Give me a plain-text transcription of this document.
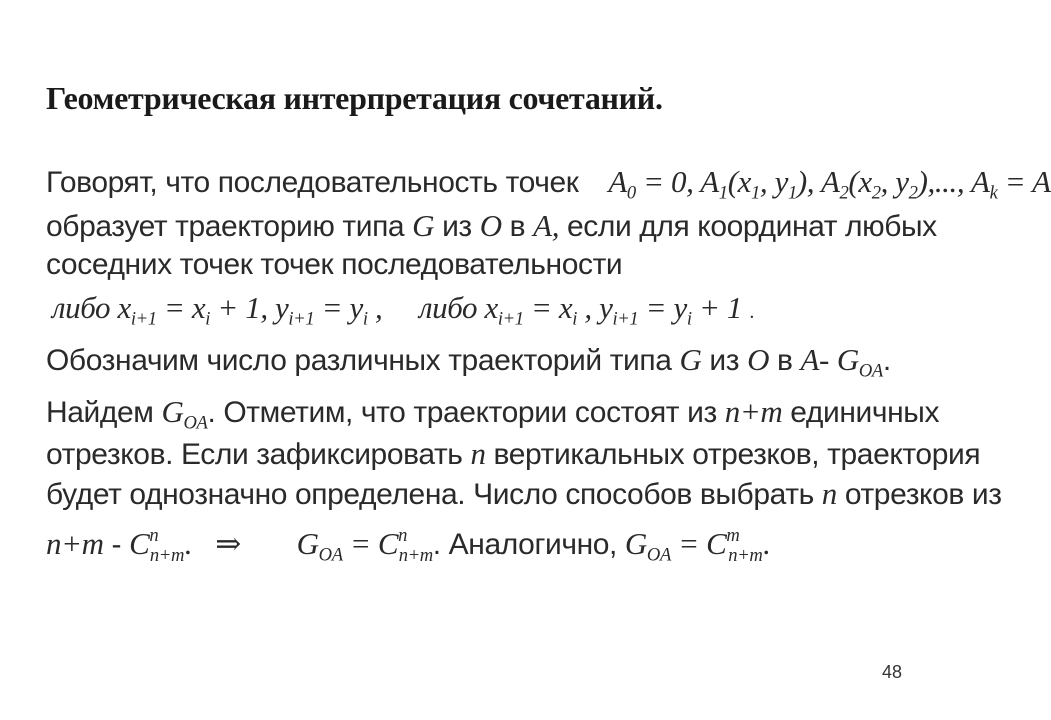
Геометрическая интерпретация сочетаний.
Говорят, что последовательность точек $A_0 = 0$, $A_1(x_1$, $y_1$), $A_2(x_2$, $y_2$),..., $A_k = A$
образует траекторию типа G из O в A, если для координат любых
соседних точек точек последовательности
либо $x_{i+1} = x_i + 1$, $y_{i+1} = y_i$ ,  либо $x_{i+1} = x_i$ , $y_{i+1} = y_i + 1$ .
Обозначим число различных траекторий типа G из O в A- $G_{OA}$.
Найдем $G_{OA}$. Отметим, что траектории состоят из n+m единичных
отрезков. Если зафиксировать n вертикальных отрезков, траектория
будет однозначно определена. Число способов выбрать n отрезков из
$n+m - C^n_{n+m}$. ⇒ $G_{OA} = C^n_{n+m}$. Аналогично, $G_{OA} = C^m_{n+m}$.
48
